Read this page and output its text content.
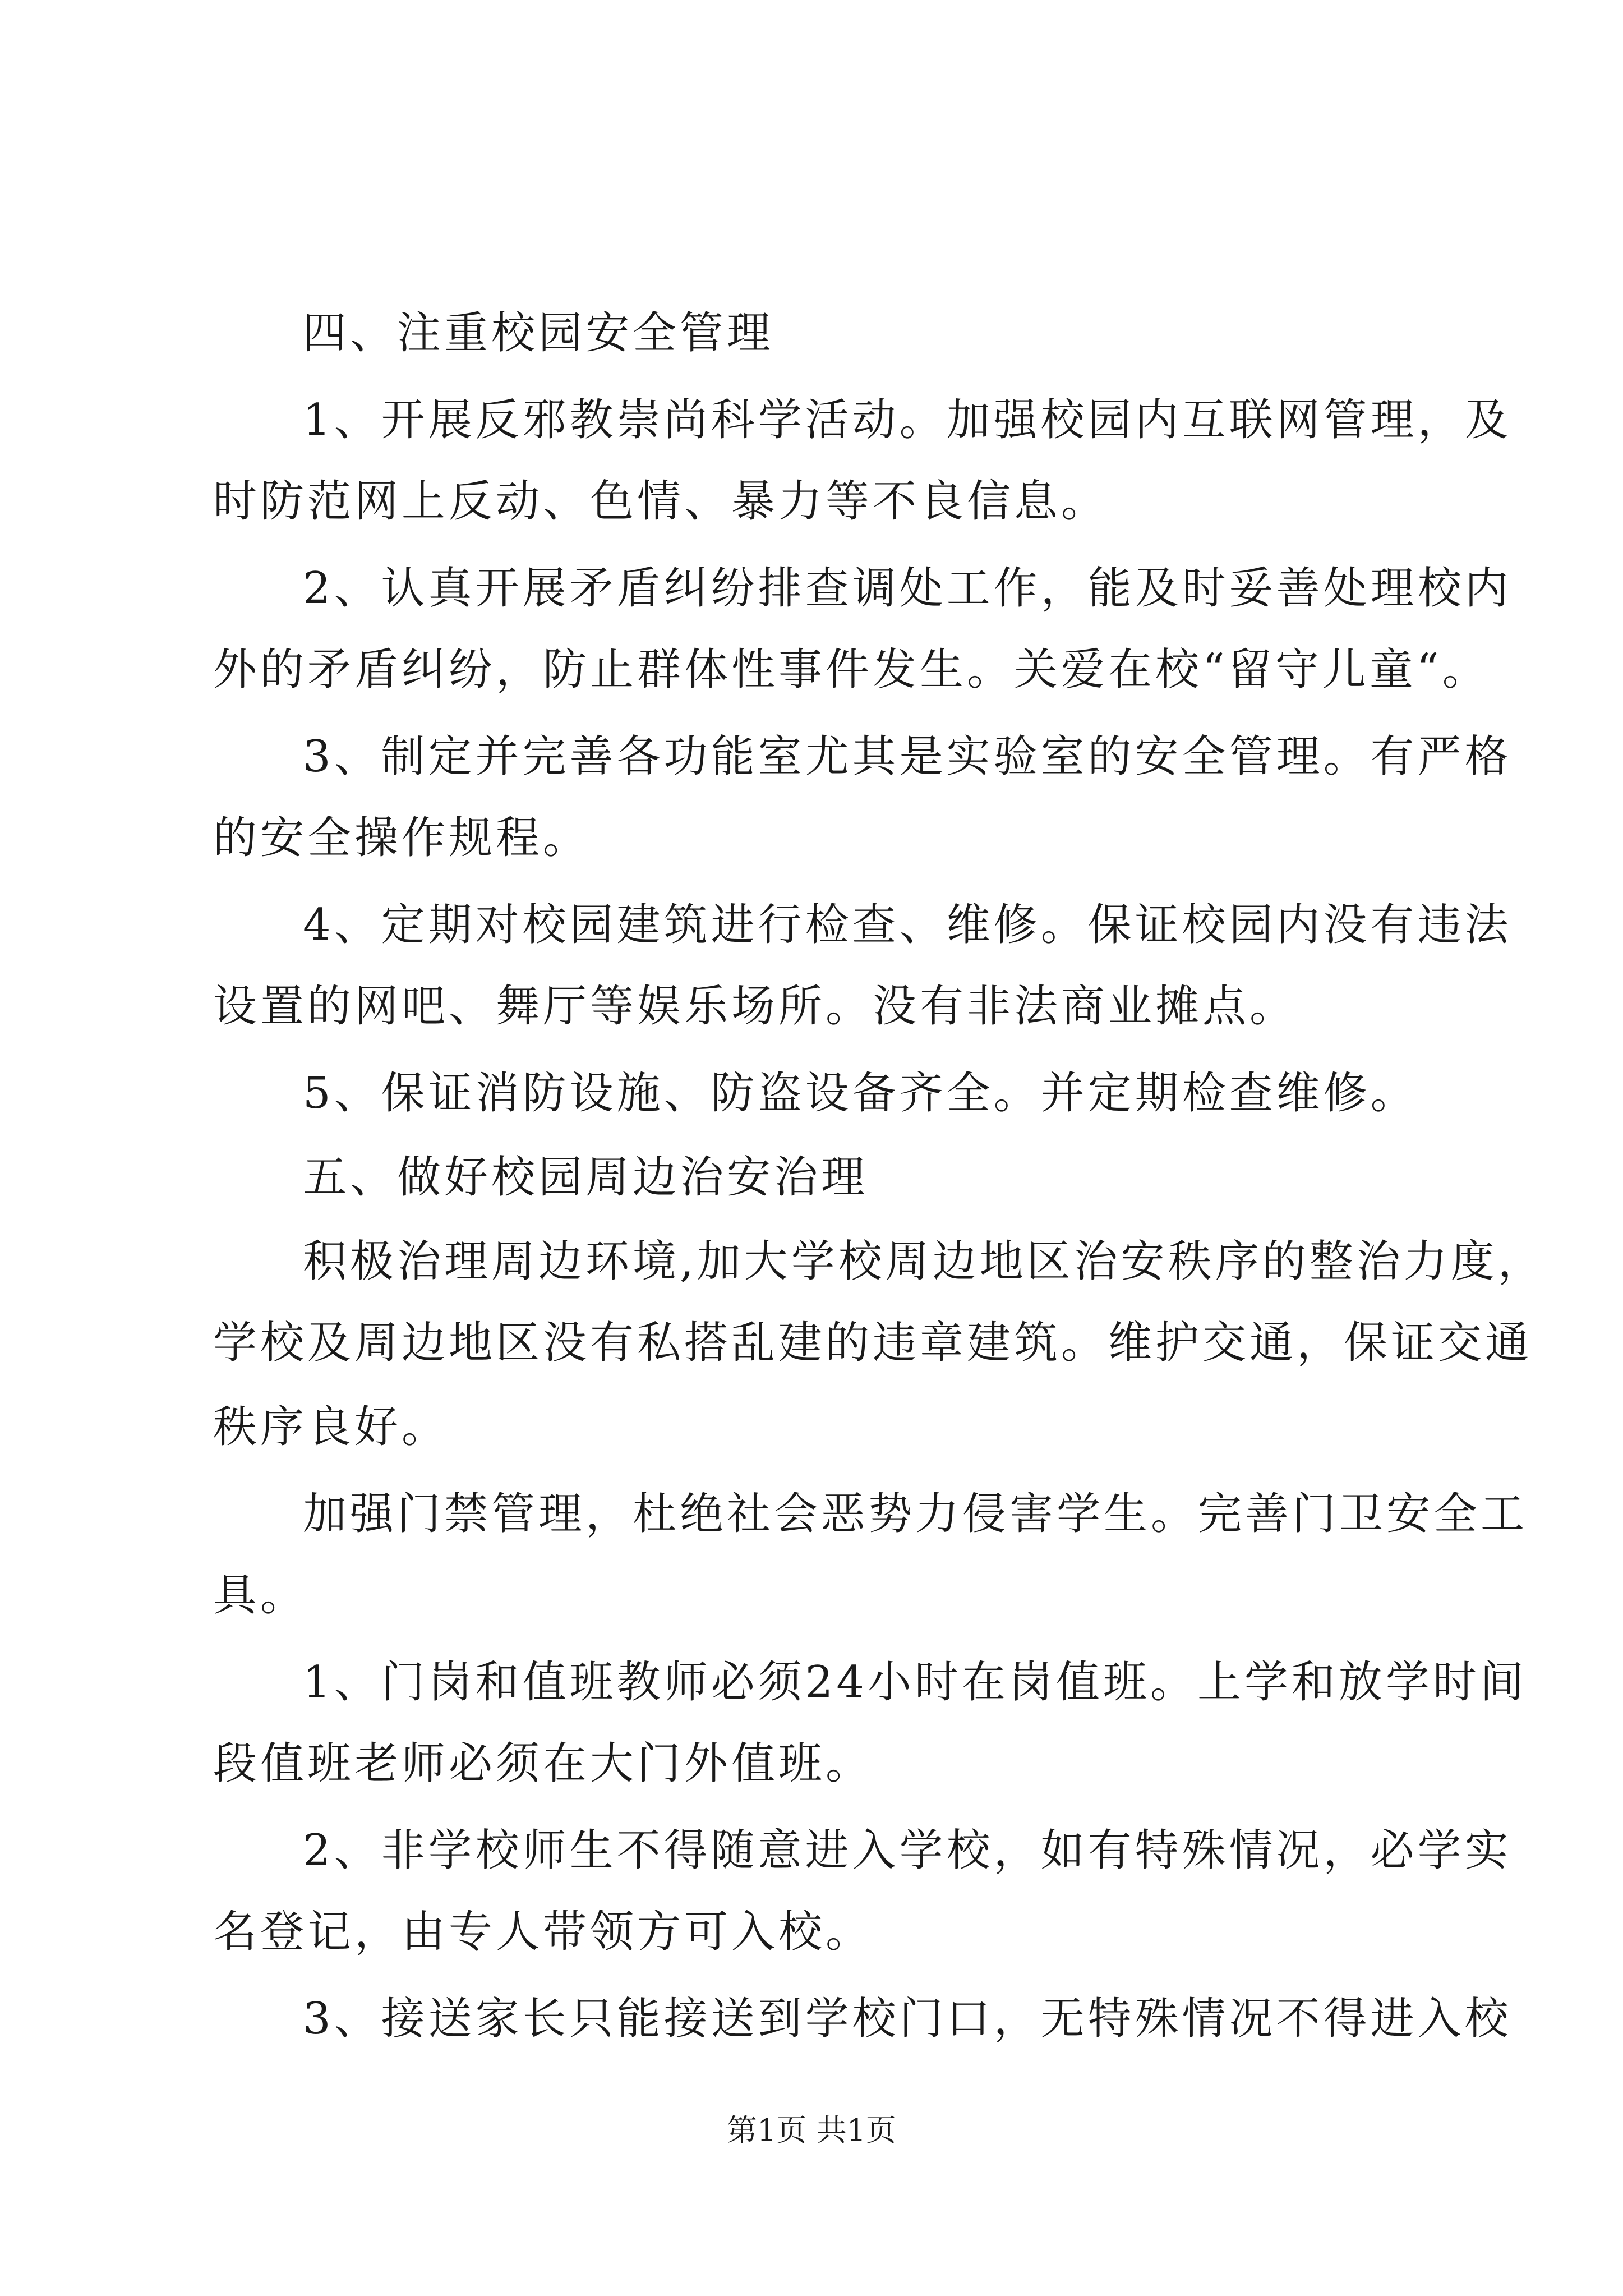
四、注重校园安全管理
1、开展反邪教崇尚科学活动。加强校园内互联网管理，及
时防范网上反动、色情、暴力等不良信息。
2、认真开展矛盾纠纷排查调处工作，能及时妥善处理校内
外的矛盾纠纷，防止群体性事件发生。关爱在校“留守儿童“。
3、制定并完善各功能室尤其是实验室的安全管理。有严格
的安全操作规程。
4、定期对校园建筑进行检查、维修。保证校园内没有违法
设置的网吧、舞厅等娱乐场所。没有非法商业摊点。
5、保证消防设施、防盗设备齐全。并定期检查维修。
五、做好校园周边治安治理
积极治理周边环境,加大学校周边地区治安秩序的整治力度，
学校及周边地区没有私搭乱建的违章建筑。维护交通，保证交通
秩序良好。
加强门禁管理，杜绝社会恶势力侵害学生。完善门卫安全工
具。
1、门岗和值班教师必须24小时在岗值班。上学和放学时间
段值班老师必须在大门外值班。
2、非学校师生不得随意进入学校，如有特殊情况，必学实
名登记，由专人带领方可入校。
3、接送家长只能接送到学校门口，无特殊情况不得进入校
第1页 共1页
